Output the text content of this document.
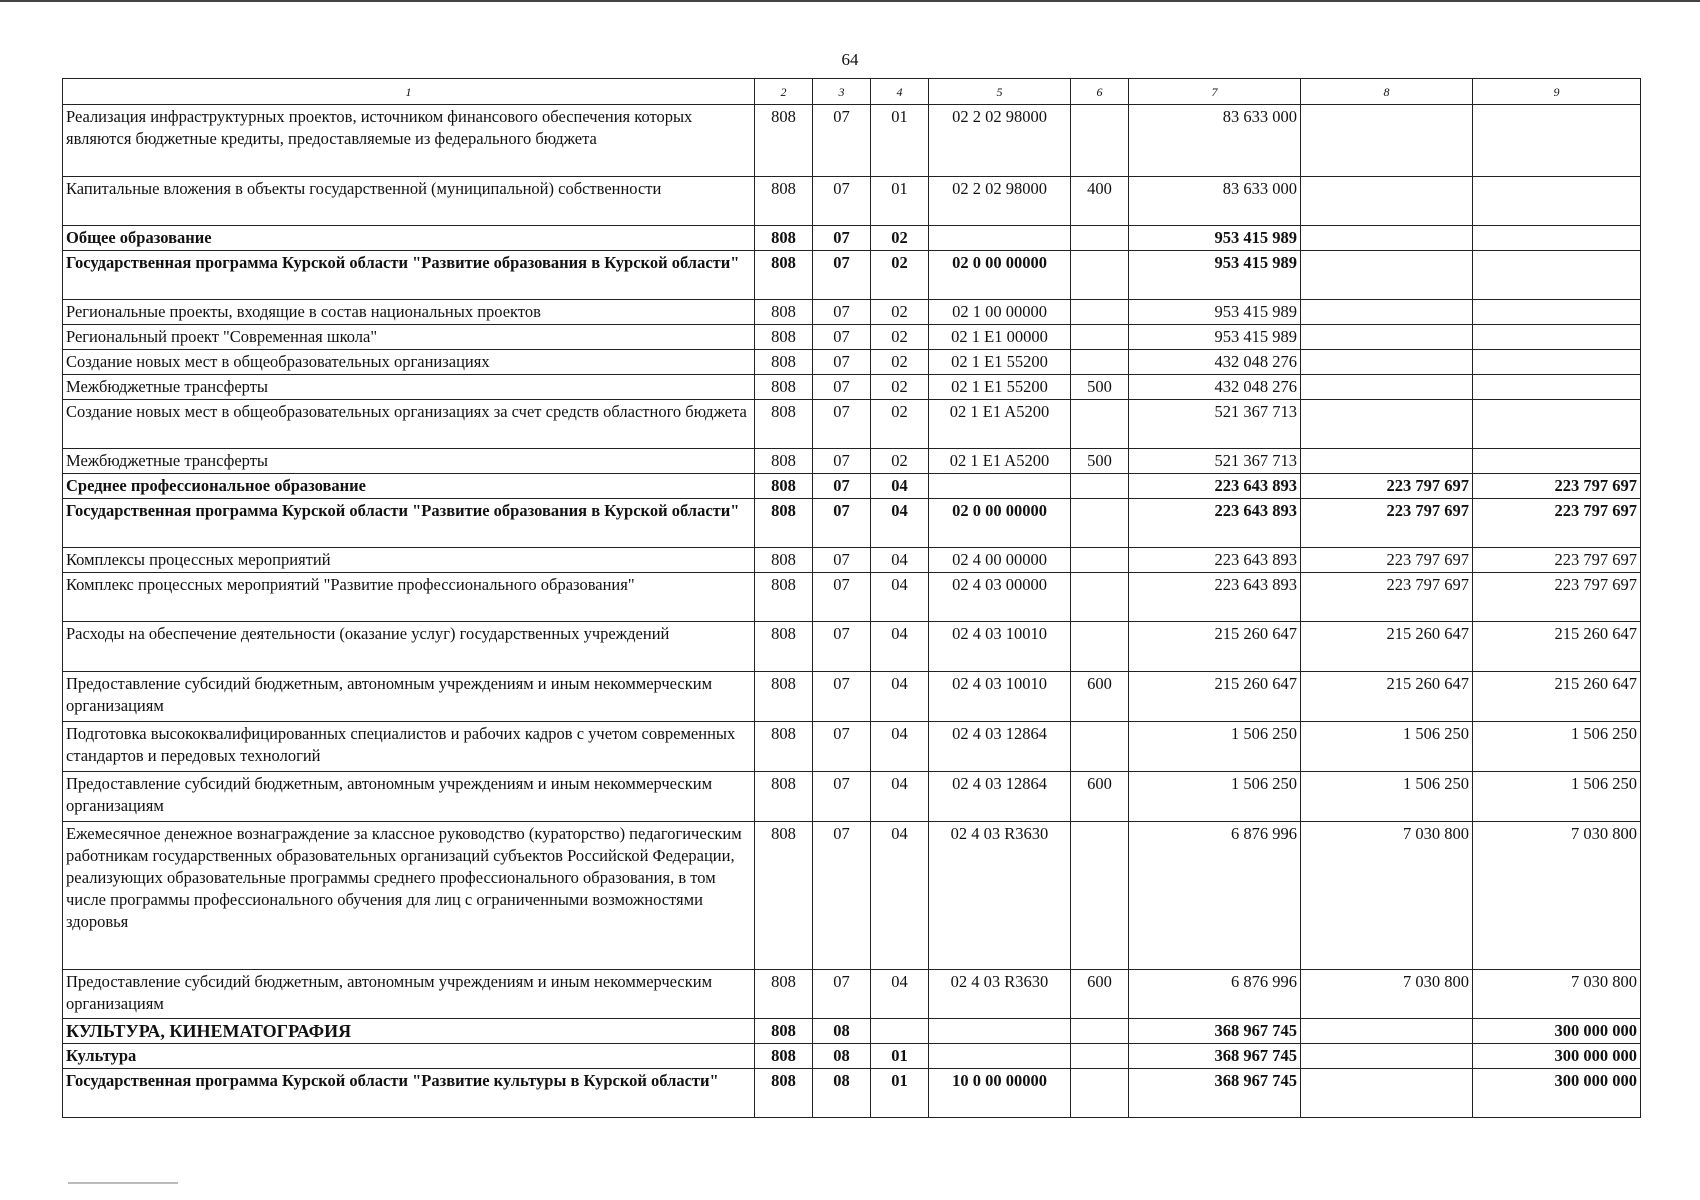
64
1	2	3	4	5	6	7	8	9
Реализация инфраструктурных проектов, источником финансового обеспечения которых являются бюджетные кредиты, предоставляемые из федерального бюджета	808	07	01	02 2 02 98000		83 633 000		
Капитальные вложения в объекты государственной (муниципальной) собственности	808	07	01	02 2 02 98000	400	83 633 000		
Общее образование	808	07	02			953 415 989		
Государственная программа Курской области "Развитие образования в Курской области"	808	07	02	02 0 00 00000		953 415 989		
Региональные проекты, входящие в состав национальных проектов	808	07	02	02 1 00 00000		953 415 989		
Региональный проект "Современная школа"	808	07	02	02 1 E1 00000		953 415 989		
Создание новых мест в общеобразовательных организациях	808	07	02	02 1 E1 55200		432 048 276		
Межбюджетные трансферты	808	07	02	02 1 E1 55200	500	432 048 276		
Создание новых мест в общеобразовательных организациях за счет средств областного бюджета	808	07	02	02 1 E1 A5200		521 367 713		
Межбюджетные трансферты	808	07	02	02 1 E1 A5200	500	521 367 713		
Среднее профессиональное образование	808	07	04			223 643 893	223 797 697	223 797 697
Государственная программа Курской области "Развитие образования в Курской области"	808	07	04	02 0 00 00000		223 643 893	223 797 697	223 797 697
Комплексы процессных мероприятий	808	07	04	02 4 00 00000		223 643 893	223 797 697	223 797 697
Комплекс процессных мероприятий "Развитие профессионального образования"	808	07	04	02 4 03 00000		223 643 893	223 797 697	223 797 697
Расходы на обеспечение деятельности (оказание услуг) государственных учреждений	808	07	04	02 4 03 10010		215 260 647	215 260 647	215 260 647
Предоставление субсидий бюджетным, автономным учреждениям и иным некоммерческим организациям	808	07	04	02 4 03 10010	600	215 260 647	215 260 647	215 260 647
Подготовка высококвалифицированных специалистов и рабочих кадров с учетом современных стандартов и передовых технологий	808	07	04	02 4 03 12864		1 506 250	1 506 250	1 506 250
Предоставление субсидий бюджетным, автономным учреждениям и иным некоммерческим организациям	808	07	04	02 4 03 12864	600	1 506 250	1 506 250	1 506 250
Ежемесячное денежное вознаграждение за классное руководство (кураторство) педагогическим работникам государственных образовательных организаций субъектов Российской Федерации, реализующих образовательные программы среднего профессионального образования, в том числе программы профессионального обучения для лиц с ограниченными возможностями здоровья	808	07	04	02 4 03 R3630		6 876 996	7 030 800	7 030 800
Предоставление субсидий бюджетным, автономным учреждениям и иным некоммерческим организациям	808	07	04	02 4 03 R3630	600	6 876 996	7 030 800	7 030 800
КУЛЬТУРА, КИНЕМАТОГРАФИЯ	808	08				368 967 745		300 000 000
Культура	808	08	01			368 967 745		300 000 000
Государственная программа Курской области "Развитие культуры в Курской области"	808	08	01	10 0 00 00000		368 967 745		300 000 000
